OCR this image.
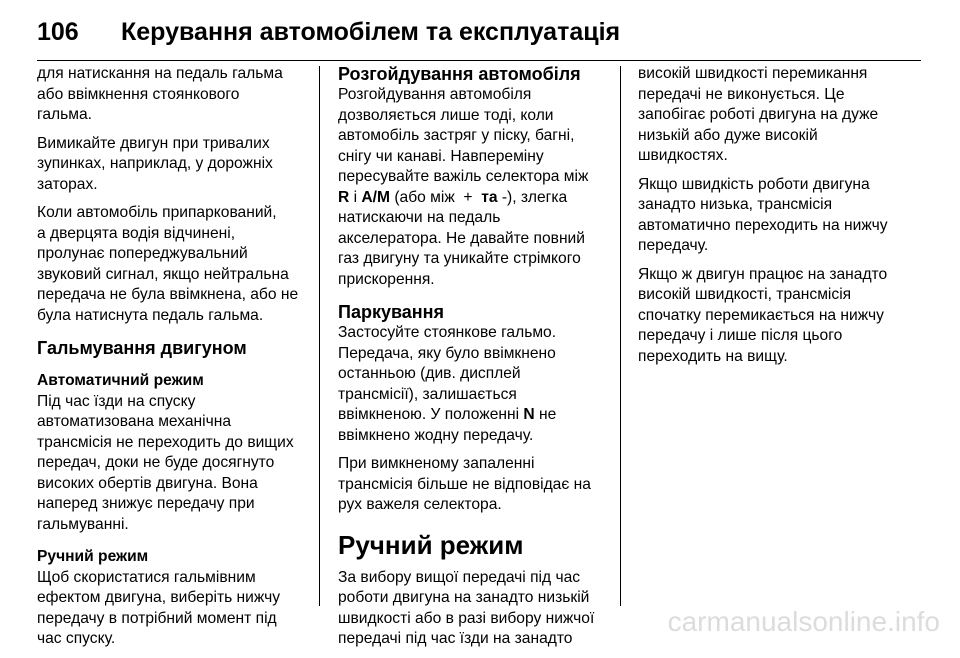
106	Керування автомобілем та експлуатація
для натискання на педаль гальма
або ввімкнення стоянкового
гальма.
Вимикайте двигун при тривалих
зупинках, наприклад, у дорожніх
заторах.
Коли автомобіль припаркований,
а дверцята водія відчинені,
пролунає попереджувальний
звуковий сигнал, якщо нейтральна
передача не була ввімкнена, або не
була натиснута педаль гальма.
Гальмування двигуном
Автоматичний режим
Під час їзди на спуску
автоматизована механічна
трансмісія не переходить до вищих
передач, доки не буде досягнуто
високих обертів двигуна. Вона
наперед знижує передачу при
гальмуванні.
Ручний режим
Щоб скористатися гальмівним
ефектом двигуна, виберіть нижчу
передачу в потрібний момент під
час спуску.
Розгойдування автомобіля
Розгойдування автомобіля
дозволяється лише тоді, коли
автомобіль застряг у піску, багні,
снігу чи канаві. Навпереміну
пересувайте важіль селектора між
R і A/M (або між  +  та -), злегка
натискаючи на педаль
акселератора. Не давайте повний
газ двигуну та уникайте стрімкого
прискорення.
Паркування
Застосуйте стоянкове гальмо.
Передача, яку було ввімкнено
останньою (див. дисплей
трансмісії), залишається
ввімкненою. У положенні N не
ввімкнено жодну передачу.
При вимкненому запаленні
трансмісія більше не відповідає на
рух важеля селектора.
Ручний режим
За вибору вищої передачі під час
роботи двигуна на занадто низькій
швидкості або в разі вибору нижчої
передачі під час їзди на занадто
високій швидкості перемикання
передачі не виконується. Це
запобігає роботі двигуна на дуже
низькій або дуже високій
швидкостях.
Якщо швидкість роботи двигуна
занадто низька, трансмісія
автоматично переходить на нижчу
передачу.
Якщо ж двигун працює на занадто
високій швидкості, трансмісія
спочатку перемикається на нижчу
передачу і лише після цього
переходить на вищу.
carmanualsonline.info
